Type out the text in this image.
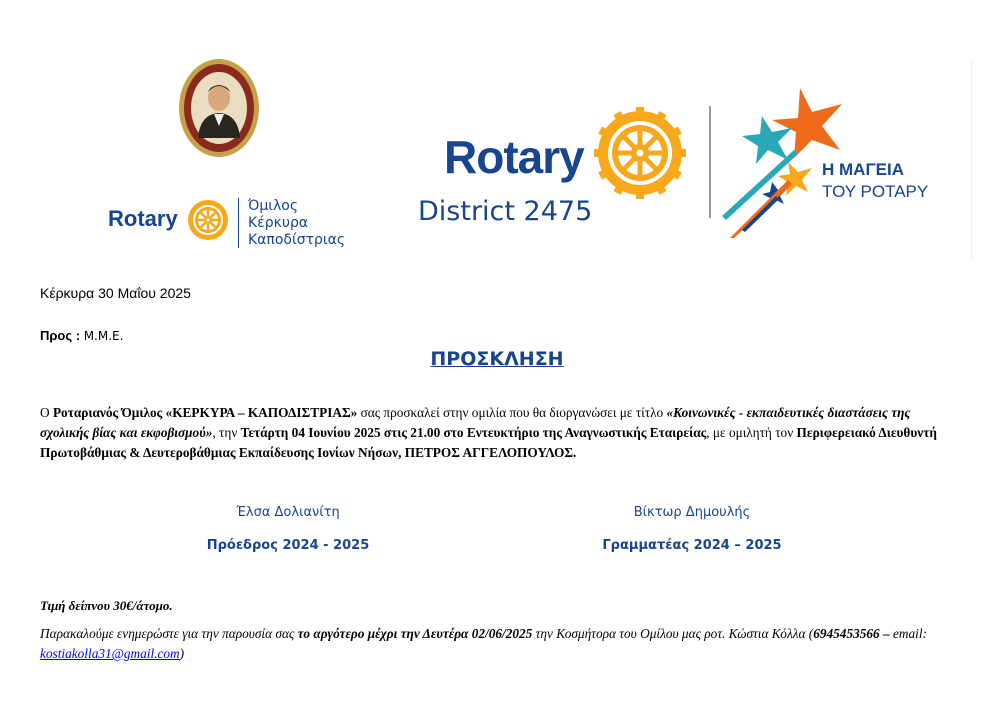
Rotary	Όμιλος
Κέρκυρα
Καποδίστριας
Rotary
District 2475
Η ΜΑΓΕΙΑ
ΤΟΥ ΡΟΤΑΡΥ
Κέρκυρα 30 Μαΐου 2025
Προς : Μ.Μ.Ε.
ΠΡΟΣΚΛΗΣΗ
Ο Ροταριανός Όμιλος «ΚΕΡΚΥΡΑ – ΚΑΠΟΔΙΣΤΡΙΑΣ» σας προσκαλεί στην ομιλία που θα διοργανώσει με τίτλο «Κοινωνικές - εκπαιδευτικές διαστάσεις της σχολικής βίας και εκφοβισμού», την Τετάρτη 04 Ιουνίου 2025 στις 21.00 στο Εντευκτήριο της Αναγνωστικής Εταιρείας, με ομιλητή τον Περιφερειακό Διευθυντή Πρωτοβάθμιας & Δευτεροβάθμιας Εκπαίδευσης Ιονίων Νήσων, ΠΕΤΡΟΣ ΑΓΓΕΛΟΠΟΥΛΟΣ.
Έλσα Δολιανίτη	Βίκτωρ Δημουλής
Πρόεδρος 2024 - 2025	Γραμματέας 2024 – 2025
Τιμή δείπνου 30€/άτομο.
Παρακαλούμε ενημερώστε για την παρουσία σας το αργότερο μέχρι την Δευτέρα 02/06/2025 την Κοσμήτορα του Ομίλου μας ροτ. Κώστια Κόλλα (6945453566 – email: kostiakolla31@gmail.com)
